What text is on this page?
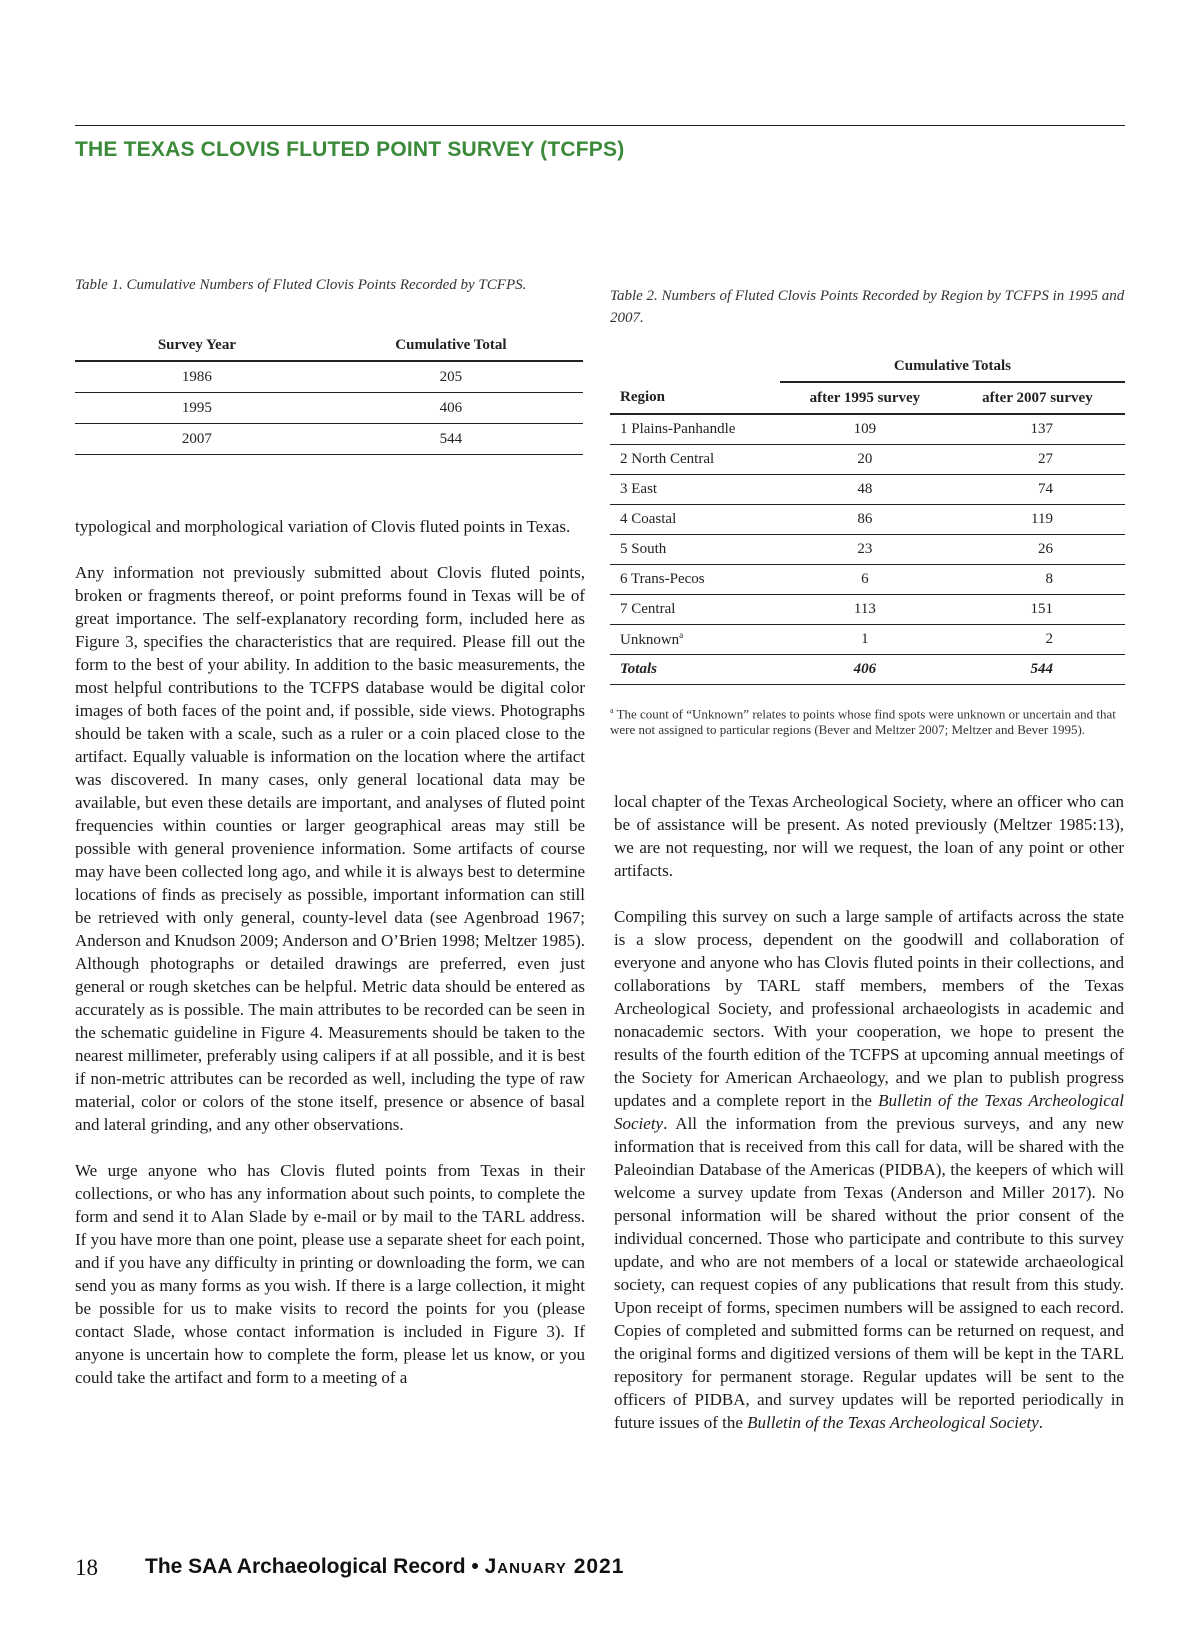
THE TEXAS CLOVIS FLUTED POINT SURVEY (TCFPS)

Table 1. Cumulative Numbers of Fluted Clovis Points Recorded by TCFPS.

Survey Year	Cumulative Total
1986	205
1995	406
2007	544

Table 2. Numbers of Fluted Clovis Points Recorded by Region by TCFPS in 1995 and 2007.

	Cumulative Totals	
Region	after 1995 survey	after 2007 survey
1 Plains-Panhandle	109	137
2 North Central	20	27
3 East	48	74
4 Coastal	86	119
5 South	23	26
6 Trans-Pecos	6	8
7 Central	113	151
Unknown$^a$	1	2
Totals	406	544

$^a$ The count of “Unknown” relates to points whose find spots were unknown or uncertain and that were not assigned to particular regions (Bever and Meltzer 2007; Meltzer and Bever 1995).

typological and morphological variation of Clovis fluted points in Texas.

Any information not previously submitted about Clovis fluted points, broken or fragments thereof, or point preforms found in Texas will be of great importance. The self-explanatory recording form, included here as Figure 3, specifies the characteristics that are required. Please fill out the form to the best of your ability. In addition to the basic measurements, the most helpful contributions to the TCFPS database would be digital color images of both faces of the point and, if possible, side views. Photographs should be taken with a scale, such as a ruler or a coin placed close to the artifact. Equally valuable is information on the location where the artifact was discovered. In many cases, only general locational data may be available, but even these details are important, and analyses of fluted point frequencies within counties or larger geographical areas may still be possible with general provenience information. Some artifacts of course may have been collected long ago, and while it is always best to determine locations of finds as precisely as possible, important information can still be retrieved with only general, county-level data (see Agenbroad 1967; Anderson and Knudson 2009; Anderson and O’Brien 1998; Meltzer 1985). Although photographs or detailed drawings are preferred, even just general or rough sketches can be helpful. Metric data should be entered as accurately as is possible. The main attributes to be recorded can be seen in the schematic guideline in Figure 4. Measurements should be taken to the nearest millimeter, preferably using calipers if at all possible, and it is best if non-metric attributes can be recorded as well, including the type of raw material, color or colors of the stone itself, presence or absence of basal and lateral grinding, and any other observations.

We urge anyone who has Clovis fluted points from Texas in their collections, or who has any information about such points, to complete the form and send it to Alan Slade by e-mail or by mail to the TARL address. If you have more than one point, please use a separate sheet for each point, and if you have any difficulty in printing or downloading the form, we can send you as many forms as you wish. If there is a large collection, it might be possible for us to make visits to record the points for you (please contact Slade, whose contact information is included in Figure 3). If anyone is uncertain how to complete the form, please let us know, or you could take the artifact and form to a meeting of a

local chapter of the Texas Archeological Society, where an officer who can be of assistance will be present. As noted previously (Meltzer 1985:13), we are not requesting, nor will we request, the loan of any point or other artifacts.

Compiling this survey on such a large sample of artifacts across the state is a slow process, dependent on the goodwill and collaboration of everyone and anyone who has Clovis fluted points in their collections, and collaborations by TARL staff members, members of the Texas Archeological Society, and professional archaeologists in academic and nonacademic sectors. With your cooperation, we hope to present the results of the fourth edition of the TCFPS at upcoming annual meetings of the Society for American Archaeology, and we plan to publish progress updates and a complete report in the Bulletin of the Texas Archeological Society. All the information from the previous surveys, and any new information that is received from this call for data, will be shared with the Paleoindian Database of the Americas (PIDBA), the keepers of which will welcome a survey update from Texas (Anderson and Miller 2017). No personal information will be shared without the prior consent of the individual concerned. Those who participate and contribute to this survey update, and who are not members of a local or statewide archaeological society, can request copies of any publications that result from this study. Upon receipt of forms, specimen numbers will be assigned to each record. Copies of completed and submitted forms can be returned on request, and the original forms and digitized versions of them will be kept in the TARL repository for permanent storage. Regular updates will be sent to the officers of PIDBA, and survey updates will be reported periodically in future issues of the Bulletin of the Texas Archeological Society.

18 The SAA Archaeological Record • January 2021
